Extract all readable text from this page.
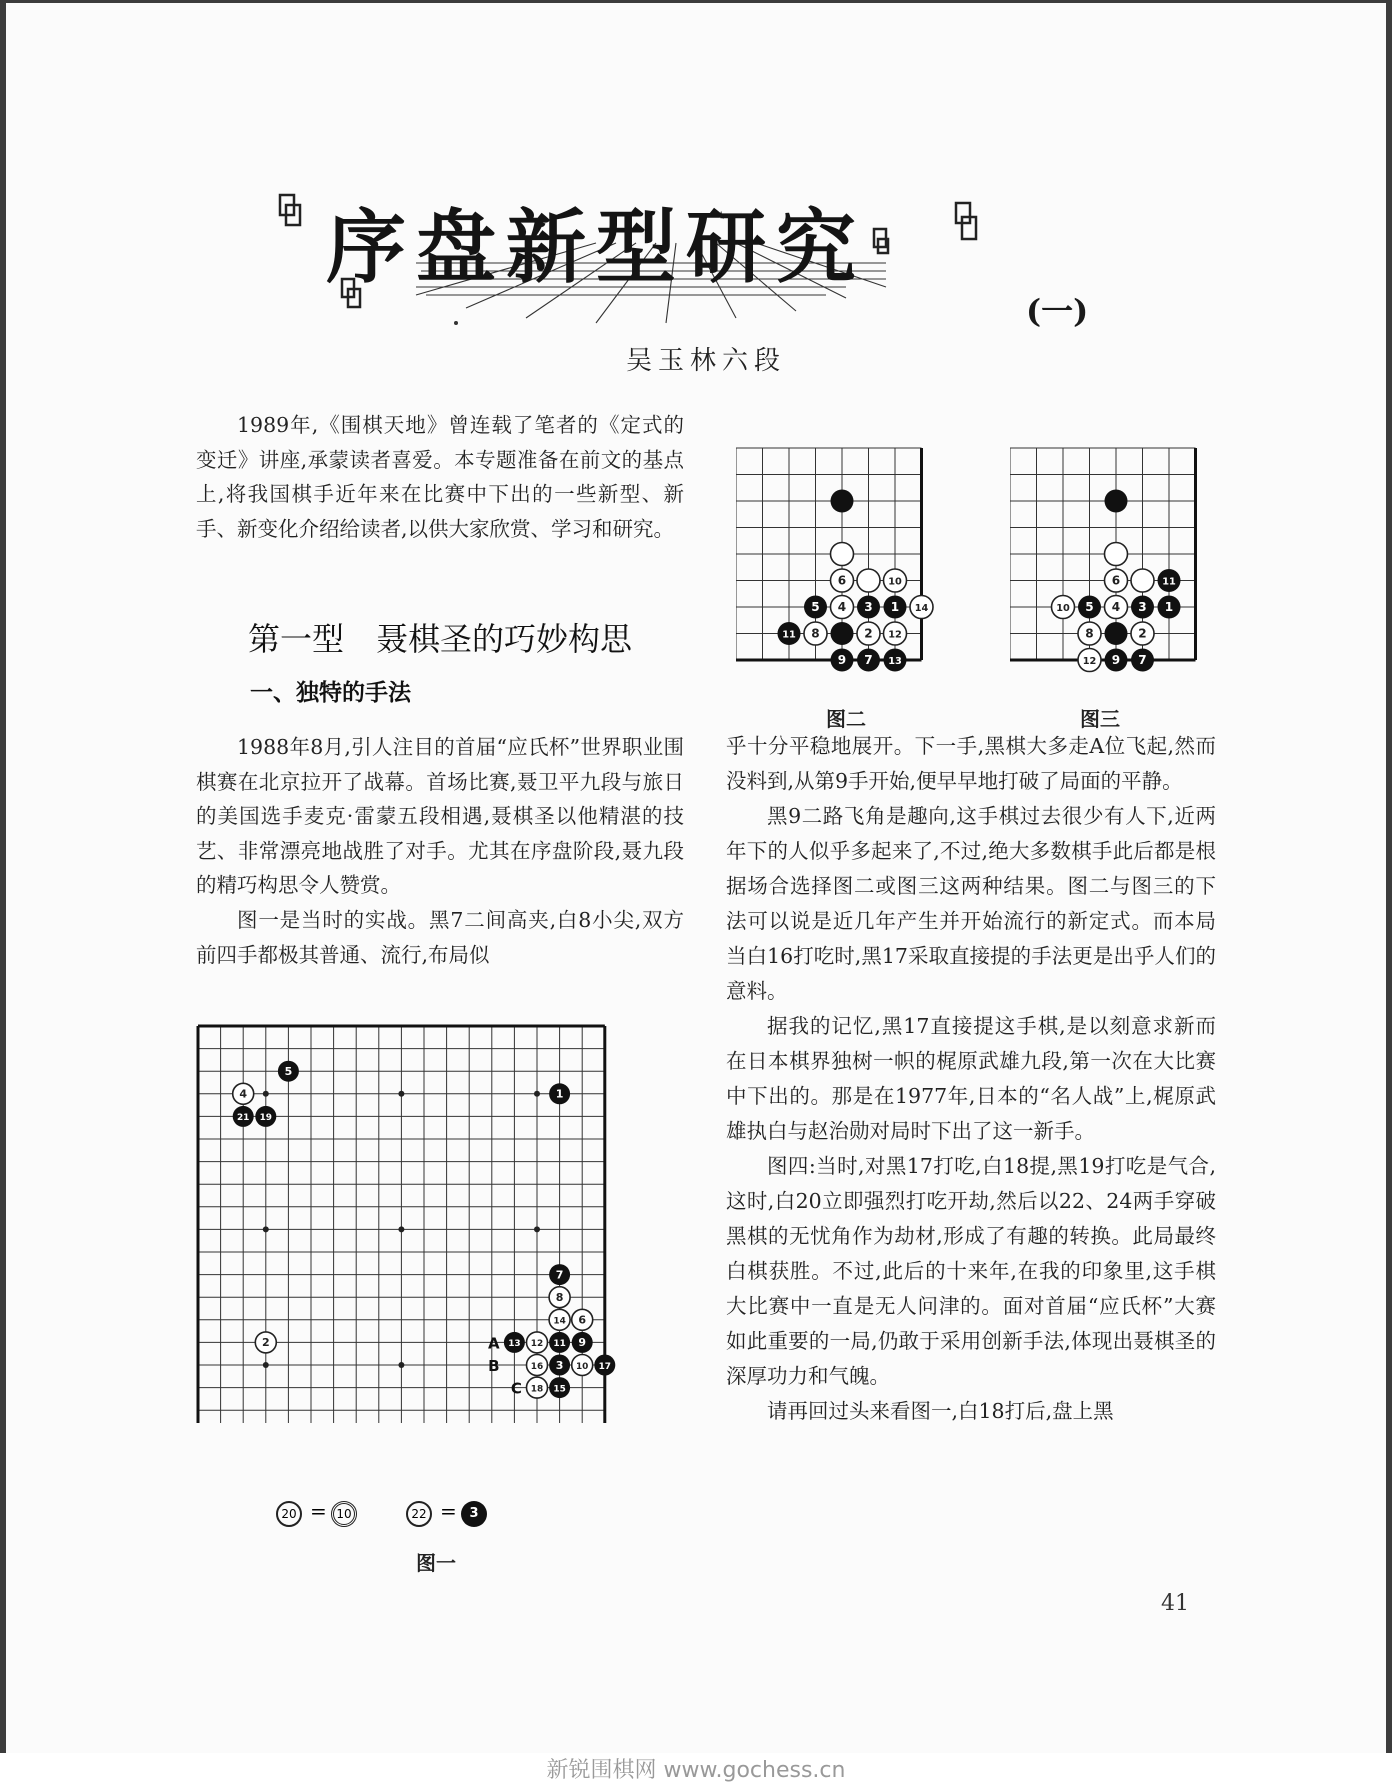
序盘新型研究
(一)
吴玉林六段

1989年,《围棋天地》曾连载了笔者的《定式的变迁》讲座,承蒙读者喜爱。本专题准备在前文的基点上,将我国棋手近年来在比赛中下出的一些新型、新手、新变化介绍给读者,以供大家欣赏、学习和研究。

第一型　聂棋圣的巧妙构思
一、独特的手法

1988年8月,引人注目的首届“应氏杯”世界职业围棋赛在北京拉开了战幕。首场比赛,聂卫平九段与旅日的美国选手麦克·雷蒙五段相遇,聂棋圣以他精湛的技艺、非常漂亮地战胜了对手。尤其在序盘阶段,聂九段的精巧构思令人赞赏。

图一是当时的实战。黑7二间高夹,白8小尖,双方前四手都极其普通、流行,布局似

5
4
21 19
1
7
8
14 6
2	13 12 11 9
16 3 10 17
18 15
A
B
C
20 = 10	22 = 3
图一
6	10
5 4 3 1 14
11 8	2 12
9 7 13
图二
6	11
10 5 4 3 1
8	2
12 9 7
图三

乎十分平稳地展开。下一手,黑棋大多走A位飞起,然而没料到,从第9手开始,便早早地打破了局面的平静。

黑9二路飞角是趣向,这手棋过去很少有人下,近两年下的人似乎多起来了,不过,绝大多数棋手此后都是根据场合选择图二或图三这两种结果。图二与图三的下法可以说是近几年产生并开始流行的新定式。而本局当白16打吃时,黑17采取直接提的手法更是出乎人们的意料。

据我的记忆,黑17直接提这手棋,是以刻意求新而在日本棋界独树一帜的梶原武雄九段,第一次在大比赛中下出的。那是在1977年,日本的“名人战”上,梶原武雄执白与赵治勋对局时下出了这一新手。

图四:当时,对黑17打吃,白18提,黑19打吃是气合,这时,白20立即强烈打吃开劫,然后以22、24两手穿破黑棋的无忧角作为劫材,形成了有趣的转换。此局最终白棋获胜。不过,此后的十来年,在我的印象里,这手棋大比赛中一直是无人问津的。面对首届“应氏杯”大赛如此重要的一局,仍敢于采用创新手法,体现出聂棋圣的深厚功力和气魄。

请再回过头来看图一,白18打后,盘上黑

41
新锐围棋网 www.gochess.cn
